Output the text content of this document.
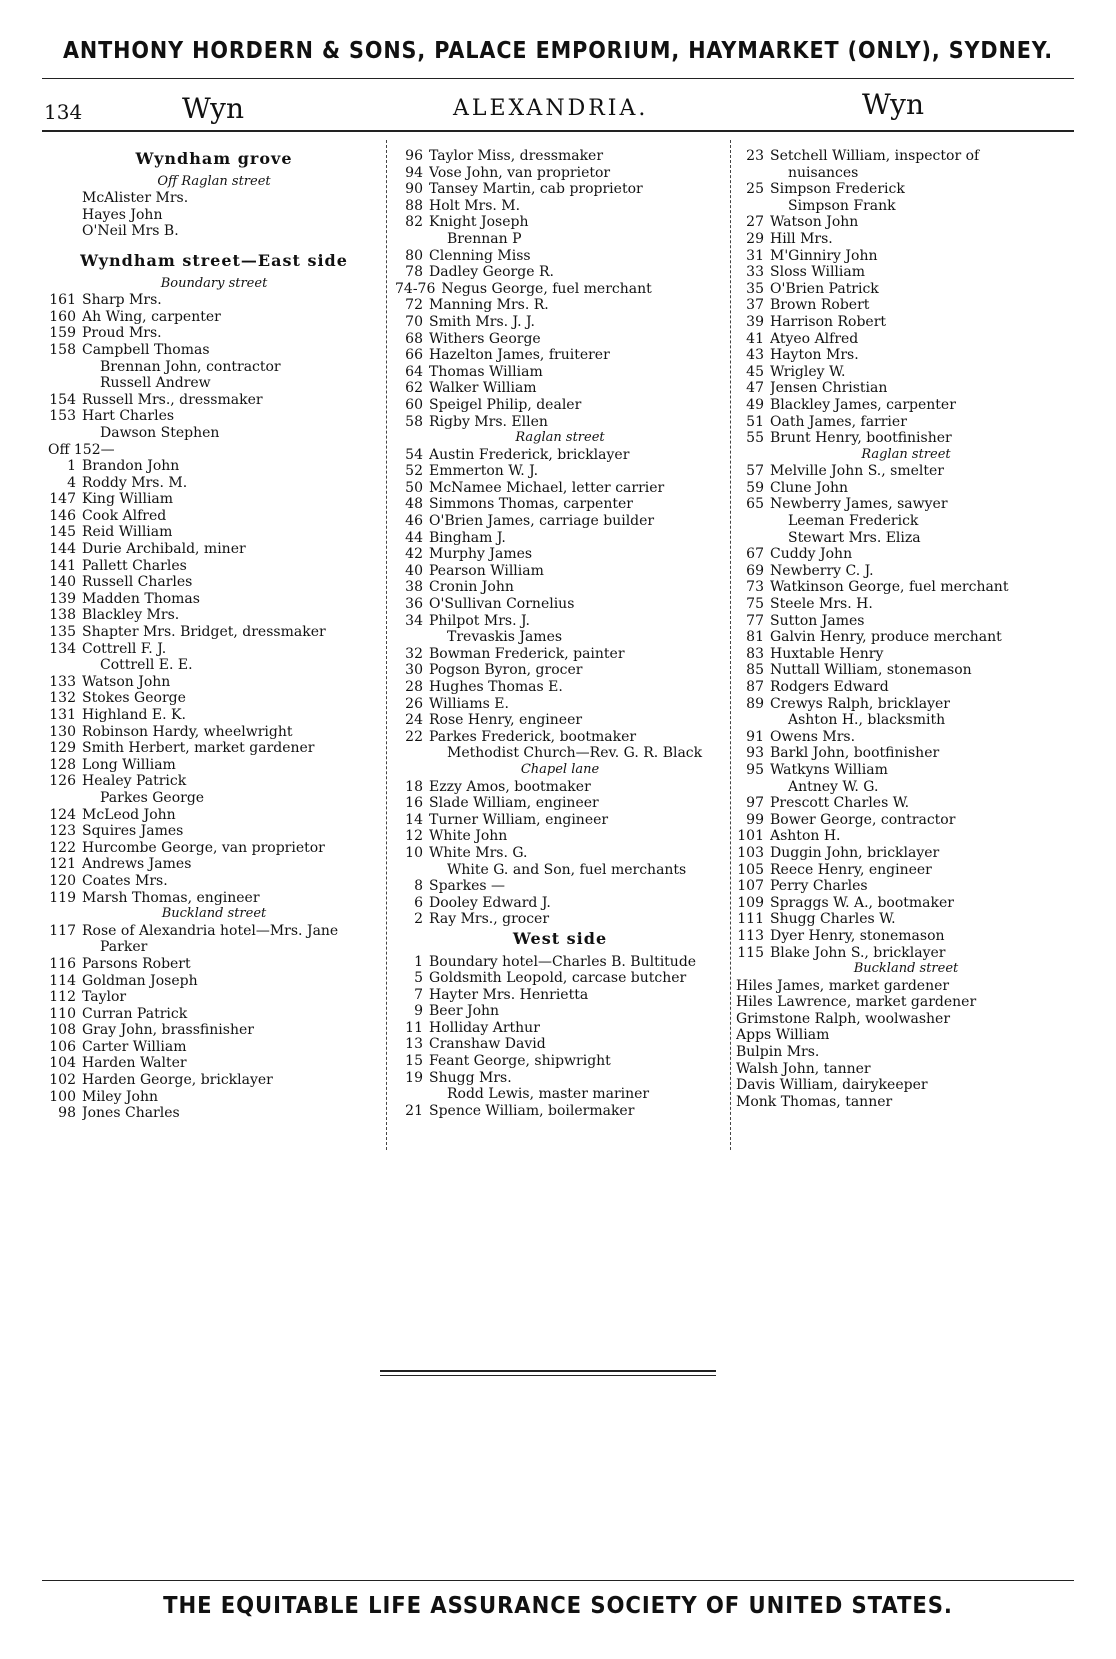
ANTHONY HORDERN & SONS, PALACE EMPORIUM, HAYMARKET (ONLY), SYDNEY.
134	Wyn	ALEXANDRIA.	Wyn
Wyndham grove
Off Raglan street
McAlister Mrs.
Hayes John
O'Neil Mrs B.
Wyndham street—East side
Boundary street
161 Sharp Mrs.
160 Ah Wing, carpenter
159 Proud Mrs.
158 Campbell Thomas
Brennan John, contractor
Russell Andrew
154 Russell Mrs., dressmaker
153 Hart Charles
Dawson Stephen
Off 152—
1 Brandon John
4 Roddy Mrs. M.
147 King William
146 Cook Alfred
145 Reid William
144 Durie Archibald, miner
141 Pallett Charles
140 Russell Charles
139 Madden Thomas
138 Blackley Mrs.
135 Shapter Mrs. Bridget, dressmaker
134 Cottrell F. J.
Cottrell E. E.
133 Watson John
132 Stokes George
131 Highland E. K.
130 Robinson Hardy, wheelwright
129 Smith Herbert, market gardener
128 Long William
126 Healey Patrick
Parkes George
124 McLeod John
123 Squires James
122 Hurcombe George, van proprietor
121 Andrews James
120 Coates Mrs.
119 Marsh Thomas, engineer
Buckland street
117 Rose of Alexandria hotel—Mrs. Jane
Parker
116 Parsons Robert
114 Goldman Joseph
112 Taylor
110 Curran Patrick
108 Gray John, brassfinisher
106 Carter William
104 Harden Walter
102 Harden George, bricklayer
100 Miley John
98 Jones Charles
96 Taylor Miss, dressmaker
94 Vose John, van proprietor
90 Tansey Martin, cab proprietor
88 Holt Mrs. M.
82 Knight Joseph
Brennan P
80 Clenning Miss
78 Dadley George R.
74-76 Negus George, fuel merchant
72 Manning Mrs. R.
70 Smith Mrs. J. J.
68 Withers George
66 Hazelton James, fruiterer
64 Thomas William
62 Walker William
60 Speigel Philip, dealer
58 Rigby Mrs. Ellen
Raglan street
54 Austin Frederick, bricklayer
52 Emmerton W. J.
50 McNamee Michael, letter carrier
48 Simmons Thomas, carpenter
46 O'Brien James, carriage builder
44 Bingham J.
42 Murphy James
40 Pearson William
38 Cronin John
36 O'Sullivan Cornelius
34 Philpot Mrs. J.
Trevaskis James
32 Bowman Frederick, painter
30 Pogson Byron, grocer
28 Hughes Thomas E.
26 Williams E.
24 Rose Henry, engineer
22 Parkes Frederick, bootmaker
Methodist Church—Rev. G. R. Black
Chapel lane
18 Ezzy Amos, bootmaker
16 Slade William, engineer
14 Turner William, engineer
12 White John
10 White Mrs. G.
White G. and Son, fuel merchants
8 Sparkes —
6 Dooley Edward J.
2 Ray Mrs., grocer
West side
1 Boundary hotel—Charles B. Bultitude
5 Goldsmith Leopold, carcase butcher
7 Hayter Mrs. Henrietta
9 Beer John
11 Holliday Arthur
13 Cranshaw David
15 Feant George, shipwright
19 Shugg Mrs.
Rodd Lewis, master mariner
21 Spence William, boilermaker
23 Setchell William, inspector of
nuisances
25 Simpson Frederick
Simpson Frank
27 Watson John
29 Hill Mrs.
31 M'Ginniry John
33 Sloss William
35 O'Brien Patrick
37 Brown Robert
39 Harrison Robert
41 Atyeo Alfred
43 Hayton Mrs.
45 Wrigley W.
47 Jensen Christian
49 Blackley James, carpenter
51 Oath James, farrier
55 Brunt Henry, bootfinisher
Raglan street
57 Melville John S., smelter
59 Clune John
65 Newberry James, sawyer
Leeman Frederick
Stewart Mrs. Eliza
67 Cuddy John
69 Newberry C. J.
73 Watkinson George, fuel merchant
75 Steele Mrs. H.
77 Sutton James
81 Galvin Henry, produce merchant
83 Huxtable Henry
85 Nuttall William, stonemason
87 Rodgers Edward
89 Crewys Ralph, bricklayer
Ashton H., blacksmith
91 Owens Mrs.
93 Barkl John, bootfinisher
95 Watkyns William
Antney W. G.
97 Prescott Charles W.
99 Bower George, contractor
101 Ashton H.
103 Duggin John, bricklayer
105 Reece Henry, engineer
107 Perry Charles
109 Spraggs W. A., bootmaker
111 Shugg Charles W.
113 Dyer Henry, stonemason
115 Blake John S., bricklayer
Buckland street
Hiles James, market gardener
Hiles Lawrence, market gardener
Grimstone Ralph, woolwasher
Apps William
Bulpin Mrs.
Walsh John, tanner
Davis William, dairykeeper
Monk Thomas, tanner
THE EQUITABLE LIFE ASSURANCE SOCIETY OF UNITED STATES.
